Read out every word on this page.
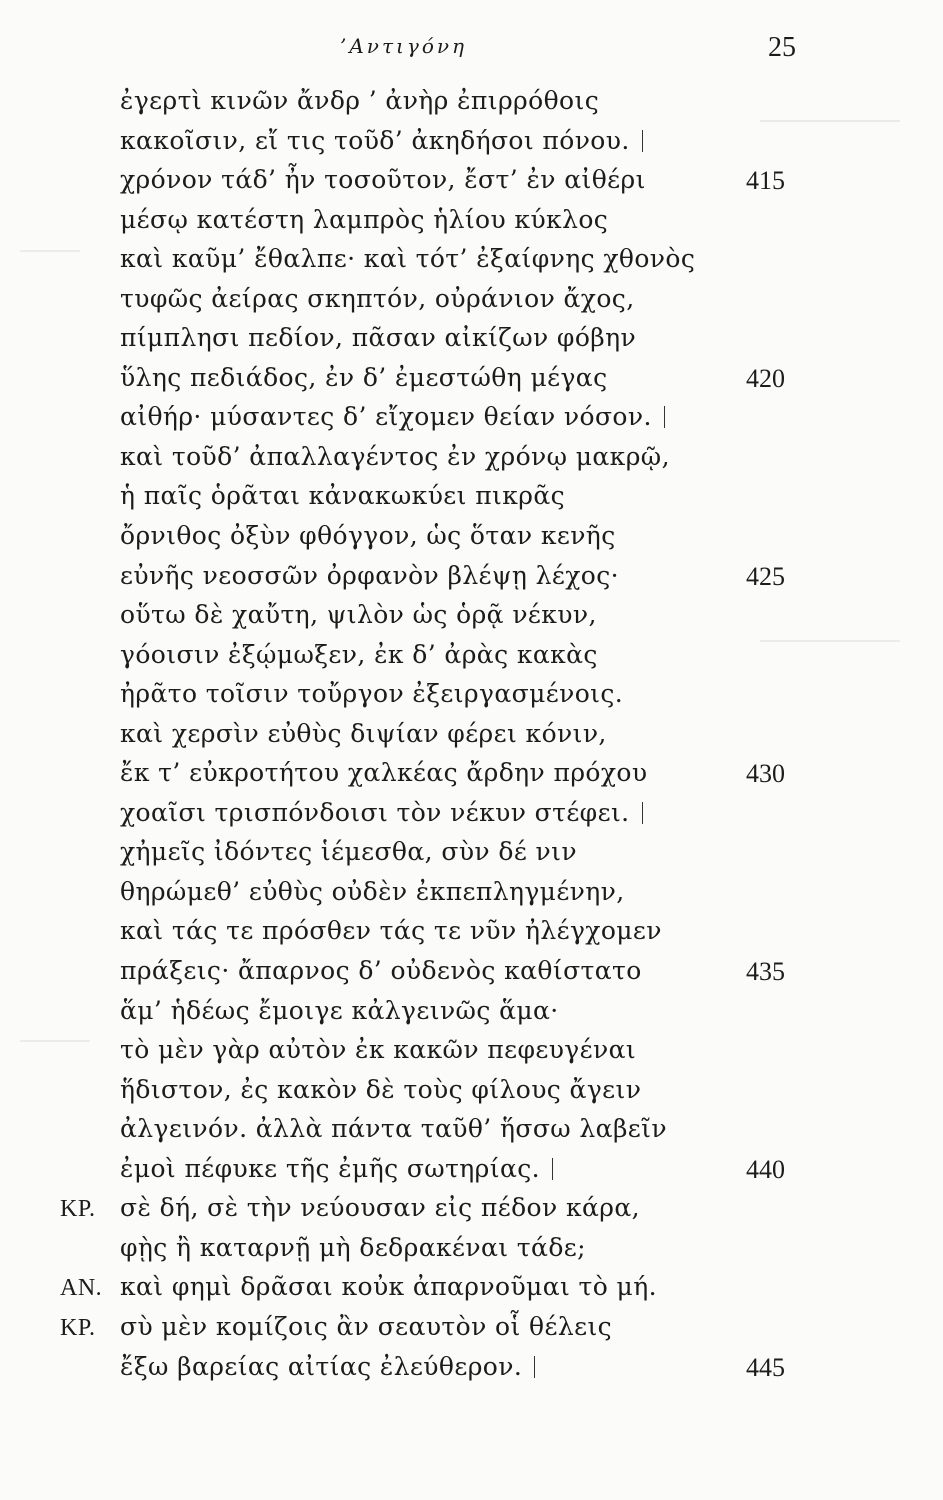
’Αντιγόνη	25
ἐγερτὶ κινῶν ἄνδρ ’ ἀνὴρ ἐπιρρόθοις
κακοῖσιν, εἴ τις τοῦδ’ ἀκηδήσοι πόνου.
χρόνον τάδ’ ἦν τοσοῦτον, ἔστ’ ἐν αἰθέρι	415
μέσῳ κατέστη λαμπρὸς ἡλίου κύκλος
καὶ καῦμ’ ἔθαλπε· καὶ τότ’ ἐξαίφνης χθονὸς
τυφῶς ἀείρας σκηπτόν, οὐράνιον ἄχος,
πίμπλησι πεδίον, πᾶσαν αἰκίζων φόβην
ὕλης πεδιάδος, ἐν δ’ ἐμεστώθη μέγας	420
αἰθήρ· μύσαντες δ’ εἴχομεν θείαν νόσον.
καὶ τοῦδ’ ἀπαλλαγέντος ἐν χρόνῳ μακρῷ,
ἡ παῖς ὁρᾶται κἀνακωκύει πικρᾶς
ὄρνιθος ὀξὺν φθόγγον, ὡς ὅταν κενῆς
εὐνῆς νεοσσῶν ὀρφανὸν βλέψῃ λέχος·	425
οὕτω δὲ χαὔτη, ψιλὸν ὡς ὁρᾷ νέκυν,
γόοισιν ἐξῴμωξεν, ἐκ δ’ ἀρὰς κακὰς
ἠρᾶτο τοῖσιν τοὔργον ἐξειργασμένοις.
καὶ χερσὶν εὐθὺς διψίαν φέρει κόνιν,
ἔκ τ’ εὐκροτήτου χαλκέας ἄρδην πρόχου	430
χοαῖσι τρισπόνδοισι τὸν νέκυν στέφει.
χἠμεῖς ἰδόντες ἱέμεσθα, σὺν δέ νιν
θηρώμεθ’ εὐθὺς οὐδὲν ἐκπεπληγμένην,
καὶ τάς τε πρόσθεν τάς τε νῦν ἠλέγχομεν
πράξεις· ἄπαρνος δ’ οὐδενὸς καθίστατο	435
ἅμ’ ἡδέως ἔμοιγε κἀλγεινῶς ἅμα·
τὸ μὲν γὰρ αὐτὸν ἐκ κακῶν πεφευγέναι
ἥδιστον, ἐς κακὸν δὲ τοὺς φίλους ἄγειν
ἀλγεινόν. ἀλλὰ πάντα ταῦθ’ ἥσσω λαβεῖν
ἐμοὶ πέφυκε τῆς ἐμῆς σωτηρίας.	440
ΚΡ. σὲ δή, σὲ τὴν νεύουσαν εἰς πέδον κάρα,
φῂς ἢ καταρνῇ μὴ δεδρακέναι τάδε;
ΑΝ. καὶ φημὶ δρᾶσαι κοὐκ ἀπαρνοῦμαι τὸ μή.
ΚΡ. σὺ μὲν κομίζοις ἂν σεαυτὸν οἷ θέλεις
ἔξω βαρείας αἰτίας ἐλεύθερον.	445
